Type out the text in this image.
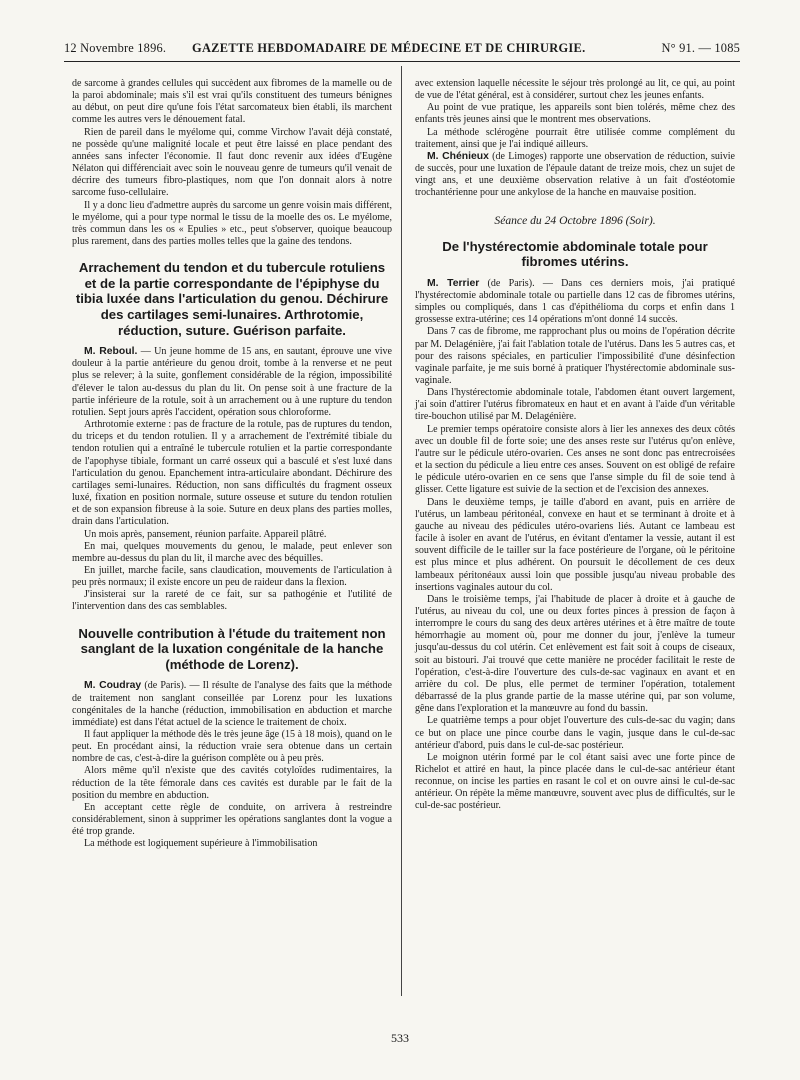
12 Novembre 1896. GAZETTE HEBDOMADAIRE DE MÉDECINE ET DE CHIRURGIE.	N° 91. — 1085

de sarcome à grandes cellules qui succèdent aux fibromes de la mamelle ou de la paroi abdominale; mais s'il est vrai qu'ils constituent des tumeurs bénignes au début, on peut dire qu'une fois l'état sarcomateux bien établi, ils marchent comme les autres vers le dénouement fatal.

Rien de pareil dans le myélome qui, comme Virchow l'avait déjà constaté, ne possède qu'une malignité locale et peut être laissé en place pendant des années sans infecter l'économie. Il faut donc revenir aux idées d'Eugène Nélaton qui différenciait avec soin le nouveau genre de tumeurs qu'il venait de décrire des tumeurs fibro-plastiques, nom que l'on donnait alors à notre sarcome fuso-cellulaire.

Il y a donc lieu d'admettre auprès du sarcome un genre voisin mais différent, le myélome, qui a pour type normal le tissu de la moelle des os. Le myélome, très commun dans les os « Epulies » etc., peut s'observer, quoique beaucoup plus rarement, dans des parties molles telles que la gaine des tendons.

Arrachement du tendon et du tubercule rotuliens et de la partie correspondante de l'épiphyse du tibia luxée dans l'articulation du genou. Déchirure des cartilages semi-lunaires. Arthrotomie, réduction, suture. Guérison parfaite.

M. Reboul. — Un jeune homme de 15 ans, en sautant, éprouve une vive douleur à la partie antérieure du genou droit, tombe à la renverse et ne peut plus se relever; à la suite, gonflement considérable de la région, impossibilité d'élever le talon au-dessus du plan du lit. On pense soit à une fracture de la partie inférieure de la rotule, soit à un arrachement ou à une rupture du tendon rotulien. Sept jours après l'accident, opération sous chloroforme.

Arthrotomie externe : pas de fracture de la rotule, pas de ruptures du tendon, du triceps et du tendon rotulien. Il y a arrachement de l'extrémité tibiale du tendon rotulien qui a entraîné le tubercule rotulien et la partie correspondante de l'apophyse tibiale, formant un carré osseux qui a basculé et s'est luxé dans l'articulation du genou. Epanchement intra-articulaire abondant. Déchirure des cartilages semi-lunaires. Réduction, non sans difficultés du fragment osseux luxé, fixation en position normale, suture osseuse et suture du tendon rotulien et de son expansion fibreuse à la soie. Suture en deux plans des parties molles, drain dans l'articulation.

Un mois après, pansement, réunion parfaite. Appareil plâtré.

En mai, quelques mouvements du genou, le malade, peut enlever son membre au-dessus du plan du lit, il marche avec des béquilles.

En juillet, marche facile, sans claudication, mouvements de l'articulation à peu près normaux; il existe encore un peu de raideur dans la flexion.

J'insisterai sur la rareté de ce fait, sur sa pathogénie et l'utilité de l'intervention dans des cas semblables.

Nouvelle contribution à l'étude du traitement non sanglant de la luxation congénitale de la hanche (méthode de Lorenz).

M. Coudray (de Paris). — Il résulte de l'analyse des faits que la méthode de traitement non sanglant conseillée par Lorenz pour les luxations congénitales de la hanche (réduction, immobilisation en abduction et marche immédiate) est dans l'état actuel de la science le traitement de choix.

Il faut appliquer la méthode dès le très jeune âge (15 à 18 mois), quand on le peut. En procédant ainsi, la réduction vraie sera obtenue dans un certain nombre de cas, c'est-à-dire la guérison complète ou à peu près.

Alors même qu'il n'existe que des cavités cotyloïdes rudimentaires, la réduction de la tête fémorale dans ces cavités est durable par le fait de la position du membre en abduction.

En acceptant cette règle de conduite, on arrivera à restreindre considérablement, sinon à supprimer les opérations sanglantes dont la vogue a été trop grande.

La méthode est logiquement supérieure à l'immobilisation

avec extension laquelle nécessite le séjour très prolongé au lit, ce qui, au point de vue de l'état général, est à considérer, surtout chez les jeunes enfants.

Au point de vue pratique, les appareils sont bien tolérés, même chez des enfants très jeunes ainsi que le montrent mes observations.

La méthode sclérogène pourrait être utilisée comme complément du traitement, ainsi que je l'ai indiqué ailleurs.

M. Chénieux (de Limoges) rapporte une observation de réduction, suivie de succès, pour une luxation de l'épaule datant de treize mois, chez un sujet de vingt ans, et une deuxième observation relative à un fait d'ostéotomie trochantérienne pour une ankylose de la hanche en mauvaise position.

Séance du 24 Octobre 1896 (Soir).
De l'hystérectomie abdominale totale pour fibromes utérins.

M. Terrier (de Paris). — Dans ces derniers mois, j'ai pratiqué l'hystérectomie abdominale totale ou partielle dans 12 cas de fibromes utérins, simples ou compliqués, dans 1 cas d'épithélioma du corps et enfin dans 1 grossesse extra-utérine; ces 14 opérations m'ont donné 14 succès.

Dans 7 cas de fibrome, me rapprochant plus ou moins de l'opération décrite par M. Delagénière, j'ai fait l'ablation totale de l'utérus. Dans les 5 autres cas, et pour des raisons spéciales, en particulier l'impossibilité d'une désinfection vaginale parfaite, je me suis borné à pratiquer l'hystérectomie abdominale sus-vaginale.

Dans l'hystérectomie abdominale totale, l'abdomen étant ouvert largement, j'ai soin d'attirer l'utérus fibromateux en haut et en avant à l'aide d'un véritable tire-bouchon utilisé par M. Delagénière.

Le premier temps opératoire consiste alors à lier les annexes des deux côtés avec un double fil de forte soie; une des anses reste sur l'utérus qu'on enlève, l'autre sur le pédicule utéro-ovarien. Ces anses ne sont donc pas entrecroisées et la section du pédicule a lieu entre ces anses. Souvent on est obligé de refaire le pédicule utéro-ovarien en ce sens que l'anse simple du fil de soie tend à glisser. Cette ligature est suivie de la section et de l'excision des annexes.

Dans le deuxième temps, je taille d'abord en avant, puis en arrière de l'utérus, un lambeau péritonéal, convexe en haut et se terminant à droite et à gauche au niveau des pédicules utéro-ovariens liés. Autant ce lambeau est facile à isoler en avant de l'utérus, en évitant d'entamer la vessie, autant il est souvent difficile de le tailler sur la face postérieure de l'organe, où le péritoine est plus mince et plus adhérent. On poursuit le décollement de ces deux lambeaux péritonéaux aussi loin que possible jusqu'au niveau probable des insertions vaginales autour du col.

Dans le troisième temps, j'ai l'habitude de placer à droite et à gauche de l'utérus, au niveau du col, une ou deux fortes pinces à pression de façon à interrompre le cours du sang des deux artères utérines et à être maître de toute hémorrhagie au moment où, pour me donner du jour, j'enlève la tumeur jusqu'au-dessus du col utérin. Cet enlèvement est fait soit à coups de ciseaux, soit au bistouri. J'ai trouvé que cette manière ne procéder facilitait le reste de l'opération, c'est-à-dire l'ouverture des culs-de-sac vaginaux en avant et en arrière du col. De plus, elle permet de terminer l'opération, totalement débarrassé de la plus grande partie de la masse utérine qui, par son volume, gêne dans l'exploration et la manœuvre au fond du bassin.

Le quatrième temps a pour objet l'ouverture des culs-de-sac du vagin; dans ce but on place une pince courbe dans le vagin, jusque dans le cul-de-sac antérieur d'abord, puis dans le cul-de-sac postérieur.

Le moignon utérin formé par le col étant saisi avec une forte pince de Richelot et attiré en haut, la pince placée dans le cul-de-sac antérieur étant reconnue, on incise les parties en rasant le col et on ouvre ainsi le cul-de-sac antérieur. On répète la même manœuvre, souvent avec plus de difficultés, sur le cul-de-sac postérieur.

533
